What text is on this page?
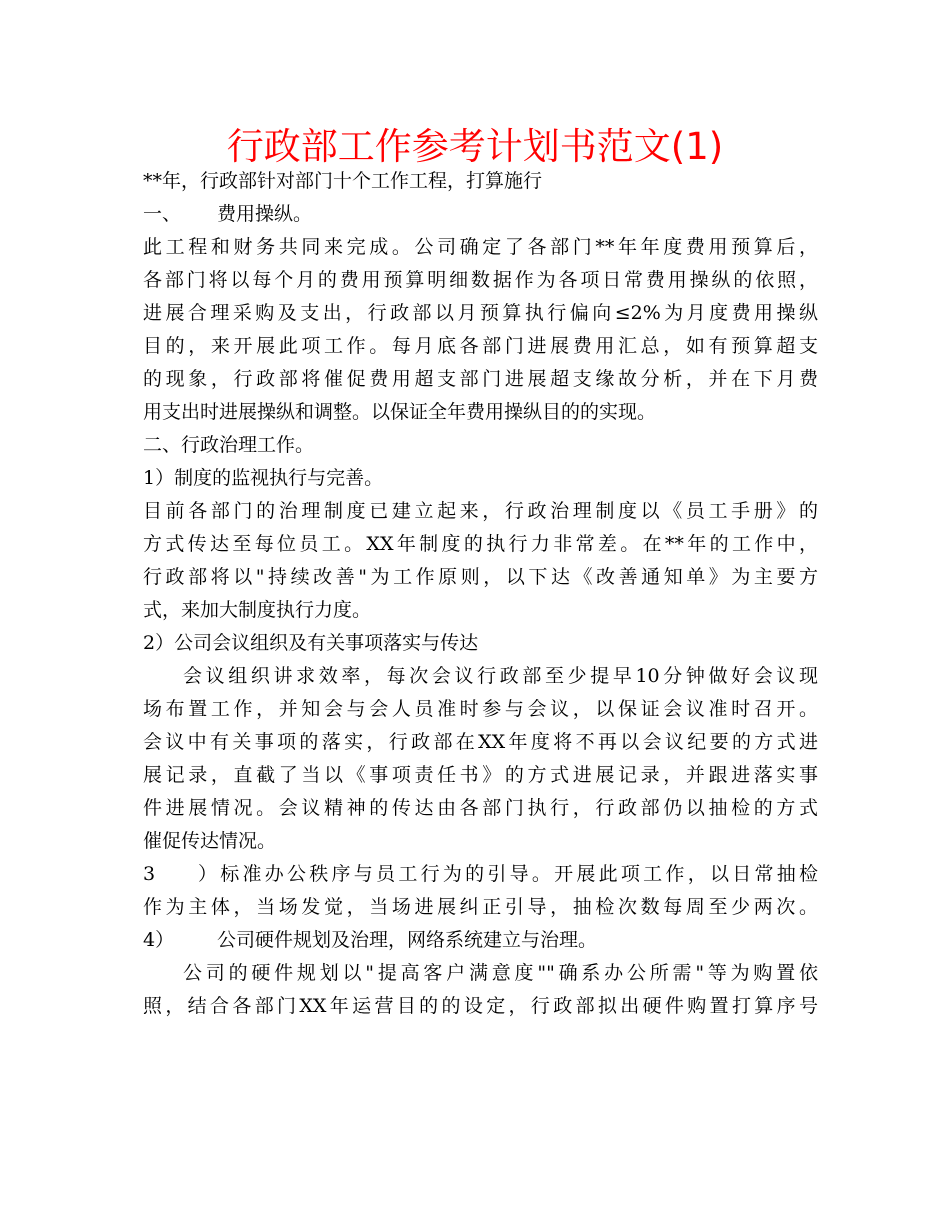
行政部工作参考计划书范文(1)
**年，行政部针对部门十个工作工程，打算施行
一、 费用操纵。
此工程和财务共同来完成。公司确定了各部门**年年度费用预算后，
各部门将以每个月的费用预算明细数据作为各项日常费用操纵的依照，
进展合理采购及支出，行政部以月预算执行偏向≤2%为月度费用操纵
目的，来开展此项工作。每月底各部门进展费用汇总，如有预算超支
的现象，行政部将催促费用超支部门进展超支缘故分析，并在下月费
用支出时进展操纵和调整。以保证全年费用操纵目的的实现。
二、行政治理工作。
1）制度的监视执行与完善。
目前各部门的治理制度已建立起来，行政治理制度以《员工手册》的
方式传达至每位员工。XX年制度的执行力非常差。在**年的工作中，
行政部将以"持续改善"为工作原则，以下达《改善通知单》为主要方
式，来加大制度执行力度。
2）公司会议组织及有关事项落实与传达
会议组织讲求效率，每次会议行政部至少提早10分钟做好会议现
场布置工作，并知会与会人员准时参与会议，以保证会议准时召开。
会议中有关事项的落实，行政部在XX年度将不再以会议纪要的方式进
展记录，直截了当以《事项责任书》的方式进展记录，并跟进落实事
件进展情况。会议精神的传达由各部门执行，行政部仍以抽检的方式
催促传达情况。
3）标准办公秩序与员工行为的引导。开展此项工作，以日常抽检
作为主体，当场发觉，当场进展纠正引导，抽检次数每周至少两次。
4） 公司硬件规划及治理，网络系统建立与治理。
公司的硬件规划以"提高客户满意度""确系办公所需"等为购置依
照，结合各部门XX年运营目的的设定，行政部拟出硬件购置打算序号
